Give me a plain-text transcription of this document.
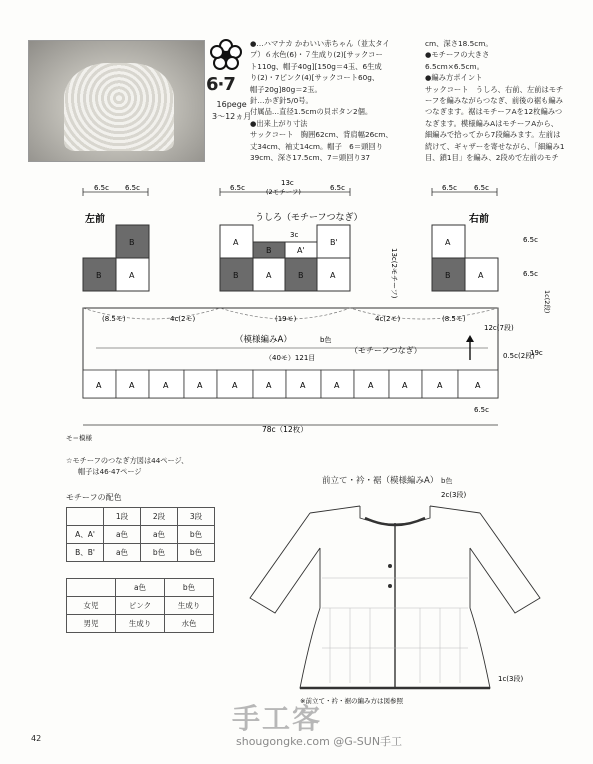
6·7
16pege
3〜12ヵ月
●…ハマナカ かわいい赤ちゃん（並太タイ
プ）６水色(6)・７生成り(2)[サックコー
ト110g、帽子40g][150g＝4玉、6生成
り(2)・7ピンク(4)[サックコート60g、
帽子20g]80g＝2玉。
針…かぎ針5/0号。
付属品…直径1.5cmの貝ボタン2個。
●出来上がり寸法
サックコート　胸囲62cm、背肩幅26cm、
丈34cm、袖丈14cm。帽子　6＝頭回り
39cm、深さ17.5cm、7＝頭回り37
cm、深さ18.5cm。
●モチーフの大きさ
6.5cm×6.5cm。
●編み方ポイント
サックコート　うしろ、右前、左前はモチ
ーフを編みながらつなぎ、前後の裾も編み
つなぎます。裾はモチーフAを12枚編みつ
なぎます。模様編みAはモチーフAから、
細編みで拾ってから7段編みます。左前は
続けて、ギャザーを寄せながら、「細編み1
目、鎖1目」を編み、2段めで左前のモチ
6.5c 6.5c	6.5c
13c
(2モチーフ)	6.5c	6.5c 6.5c
左前	うしろ（モチーフつなぎ）	右前
B
B	A
A	B'
B	A'
B	A	B	A
A
B	A
3c
13c(2モチーフ)
6.5c
6.5c
1c(2段)
(8.5モ)	4c(2モ)	(19モ)	4c(2モ)	(8.5モ)
（模様編みA）	b色
（40モ）121目
（モチーフつなぎ）
A	A	A	A	A	A	A	A	A	A	A	A
12c(7段)
0.5c(2段)
19c
6.5c
78c（12枚）
モ＝模様
☆モチーフのつなぎ方図は44ページ、
帽子は46·47ページ
モチーフの配色
	1段	2段	3段
A、A'	a色	a色	b色
B、B'	a色	b色	b色
	a色	b色
女児	ピンク	生成り
男児	生成り	水色
前立て・衿・裾（模様編みA） b色
2c(3段)
1c(3段)
※前立て・衿・裾の編み方は図参照
手工客
shougongke.com @G-SUN手工
42
